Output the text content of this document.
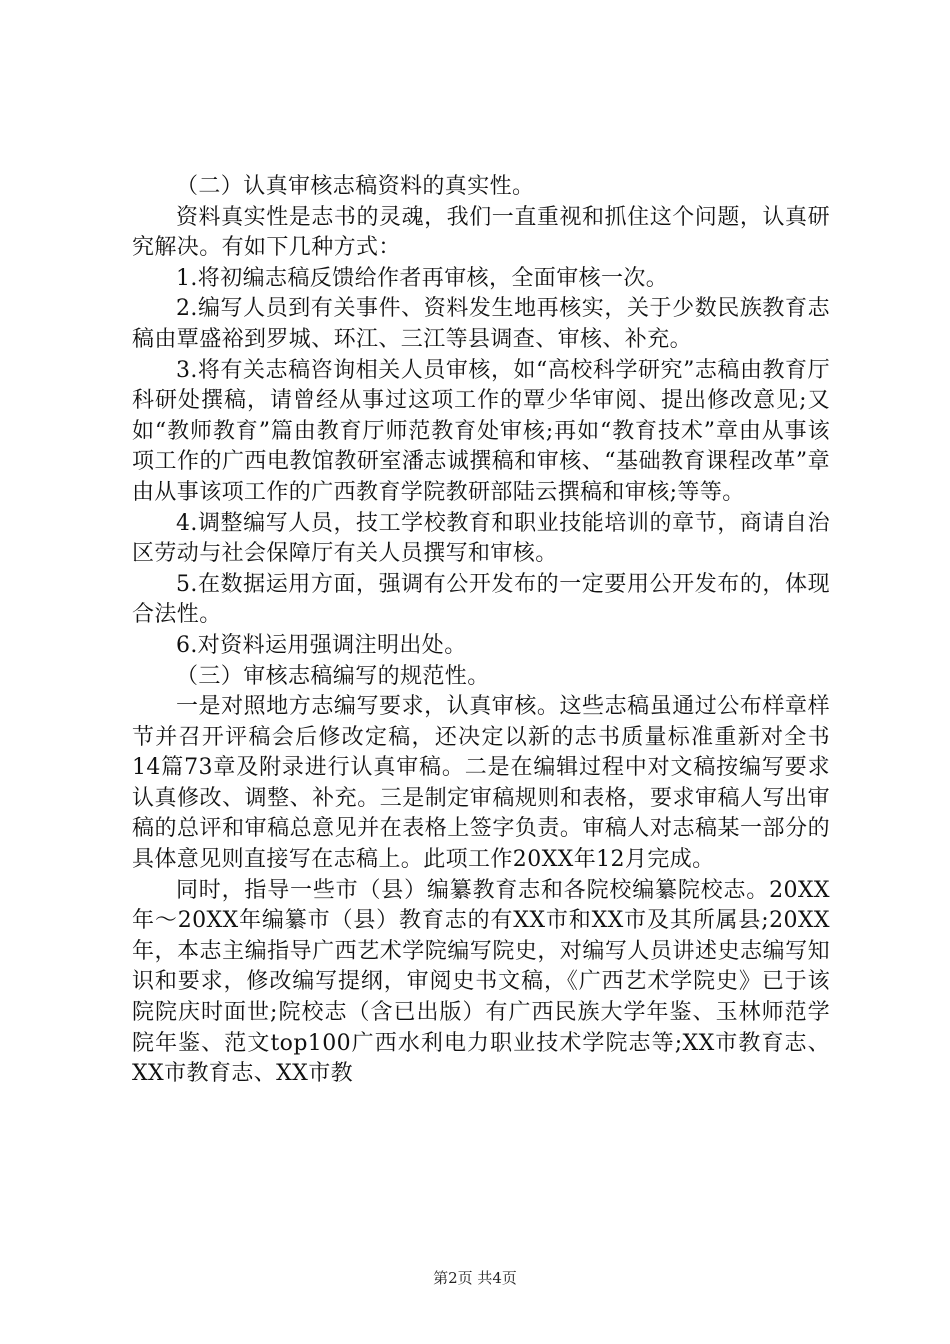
（二）认真审核志稿资料的真实性。

资料真实性是志书的灵魂，我们一直重视和抓住这个问题，认真研究解决。有如下几种方式：

1.将初编志稿反馈给作者再审核，全面审核一次。

2.编写人员到有关事件、资料发生地再核实，关于少数民族教育志稿由覃盛裕到罗城、环江、三江等县调查、审核、补充。

3.将有关志稿咨询相关人员审核，如“高校科学研究”志稿由教育厅科研处撰稿，请曾经从事过这项工作的覃少华审阅、提出修改意见;又如“教师教育”篇由教育厅师范教育处审核;再如“教育技术”章由从事该项工作的广西电教馆教研室潘志诚撰稿和审核、“基础教育课程改革”章由从事该项工作的广西教育学院教研部陆云撰稿和审核;等等。

4.调整编写人员，技工学校教育和职业技能培训的章节，商请自治区劳动与社会保障厅有关人员撰写和审核。

5.在数据运用方面，强调有公开发布的一定要用公开发布的，体现合法性。

6.对资料运用强调注明出处。

（三）审核志稿编写的规范性。

一是对照地方志编写要求，认真审核。这些志稿虽通过公布样章样节并召开评稿会后修改定稿，还决定以新的志书质量标准重新对全书14篇73章及附录进行认真审稿。二是在编辑过程中对文稿按编写要求认真修改、调整、补充。三是制定审稿规则和表格，要求审稿人写出审稿的总评和审稿总意见并在表格上签字负责。审稿人对志稿某一部分的具体意见则直接写在志稿上。此项工作20XX年12月完成。

同时，指导一些市（县）编纂教育志和各院校编纂院校志。20XX年～20XX年编纂市（县）教育志的有XX市和XX市及其所属县;20XX年，本志主编指导广西艺术学院编写院史，对编写人员讲述史志编写知识和要求，修改编写提纲，审阅史书文稿，《广西艺术学院史》已于该院院庆时面世;院校志（含已出版）有广西民族大学年鉴、玉林师范学院年鉴、范文top100广西水利电力职业技术学院志等;XX市教育志、XX市教育志、XX市教

第2页 共4页
